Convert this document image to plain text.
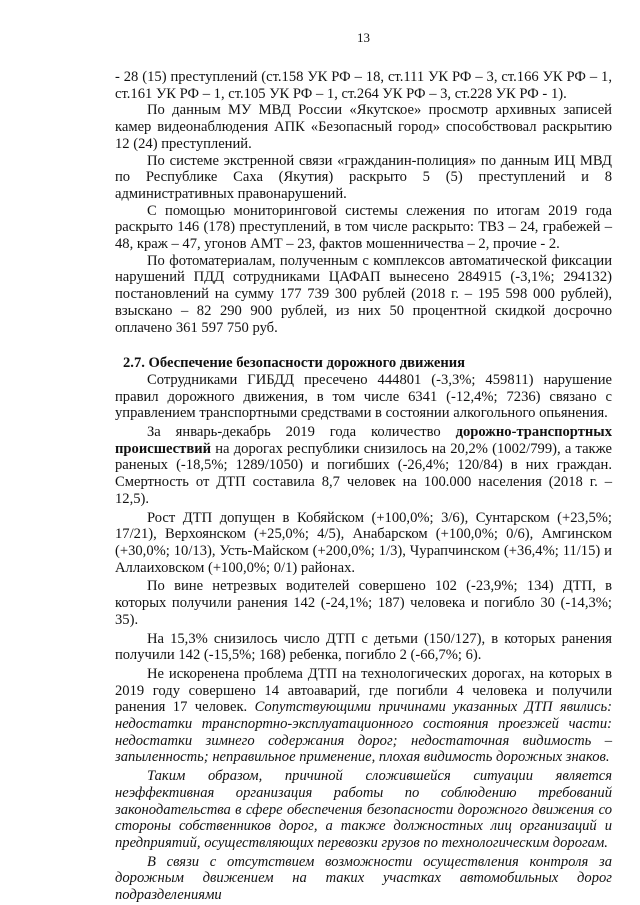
13

- 28 (15) преступлений (ст.158 УК РФ – 18, ст.111 УК РФ – 3, ст.166 УК РФ – 1, ст.161 УК РФ – 1, ст.105 УК РФ – 1, ст.264 УК РФ – 3, ст.228 УК РФ - 1).

По данным МУ МВД России «Якутское» просмотр архивных записей камер видеонаблюдения АПК «Безопасный город» способствовал раскрытию 12 (24) преступлений.

По системе экстренной связи «гражданин-полиция» по данным ИЦ МВД по Республике Саха (Якутия) раскрыто 5 (5) преступлений и 8 административных правонарушений.

С помощью мониторинговой системы слежения по итогам 2019 года раскрыто 146 (178) преступлений, в том числе раскрыто: ТВЗ – 24, грабежей – 48, краж – 47, угонов АМТ – 23, фактов мошенничества – 2, прочие - 2.

По фотоматериалам, полученным с комплексов автоматической фиксации нарушений ПДД сотрудниками ЦАФАП вынесено 284915 (-3,1%; 294132) постановлений на сумму 177 739 300 рублей (2018 г. – 195 598 000 рублей), взыскано – 82 290 900 рублей, из них 50 процентной скидкой досрочно оплачено 361 597 750 руб.

2.7. Обеспечение безопасности дорожного движения

Сотрудниками ГИБДД пресечено 444801 (-3,3%; 459811) нарушение правил дорожного движения, в том числе 6341 (-12,4%; 7236) связано с управлением транспортными средствами в состоянии алкогольного опьянения.

За январь-декабрь 2019 года количество дорожно-транспортных происшествий на дорогах республики снизилось на 20,2% (1002/799), а также раненых (-18,5%; 1289/1050) и погибших (-26,4%; 120/84) в них граждан. Смертность от ДТП составила 8,7 человек на 100.000 населения (2018 г. – 12,5).

Рост ДТП допущен в Кобяйском (+100,0%; 3/6), Сунтарском (+23,5%; 17/21), Верхоянском (+25,0%; 4/5), Анабарском (+100,0%; 0/6), Амгинском (+30,0%; 10/13), Усть-Майском (+200,0%; 1/3), Чурапчинском (+36,4%; 11/15) и Аллаиховском (+100,0%; 0/1) районах.

По вине нетрезвых водителей совершено 102 (-23,9%; 134) ДТП, в которых получили ранения 142 (-24,1%; 187) человека и погибло 30 (-14,3%; 35).

На 15,3% снизилось число ДТП с детьми (150/127), в которых ранения получили 142 (-15,5%; 168) ребенка, погибло 2 (-66,7%; 6).

Не искоренена проблема ДТП на технологических дорогах, на которых в 2019 году совершено 14 автоаварий, где погибли 4 человека и получили ранения 17 человек. Сопутствующими причинами указанных ДТП явились: недостатки транспортно-эксплуатационного состояния проезжей части: недостатки зимнего содержания дорог; недостаточная видимость – запыленность; неправильное применение, плохая видимость дорожных знаков.

Таким образом, причиной сложившейся ситуации является неэффективная организация работы по соблюдению требований законодательства в сфере обеспечения безопасности дорожного движения со стороны собственников дорог, а также должностных лиц организаций и предприятий, осуществляющих перевозки грузов по технологическим дорогам.

В связи с отсутствием возможности осуществления контроля за дорожным движением на таких участках автомобильных дорог подразделениями
